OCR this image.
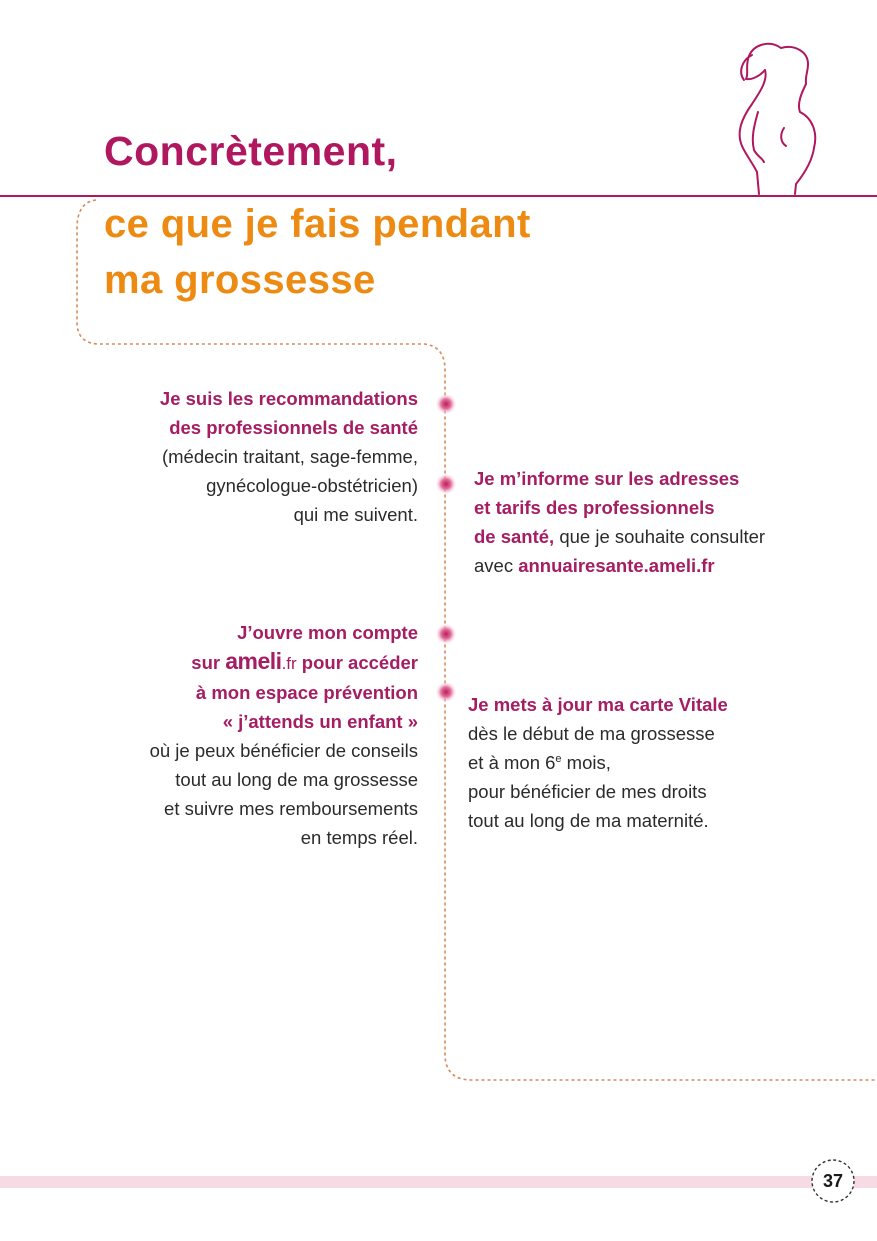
Concrètement,
ce que je fais pendant
ma grossesse
Je suis les recommandations
des professionnels de santé
(médecin traitant, sage-femme,
gynécologue-obstétricien)
qui me suivent.
Je m’informe sur les adresses
et tarifs des professionnels
de santé, que je souhaite consulter
avec annuairesante.ameli.fr
J’ouvre mon compte
sur ameli.fr pour accéder
à mon espace prévention
« j’attends un enfant »
où je peux bénéficier de conseils
tout au long de ma grossesse
et suivre mes remboursements
en temps réel.
Je mets à jour ma carte Vitale
dès le début de ma grossesse
et à mon 6e mois,
pour bénéficier de mes droits
tout au long de ma maternité.
37
